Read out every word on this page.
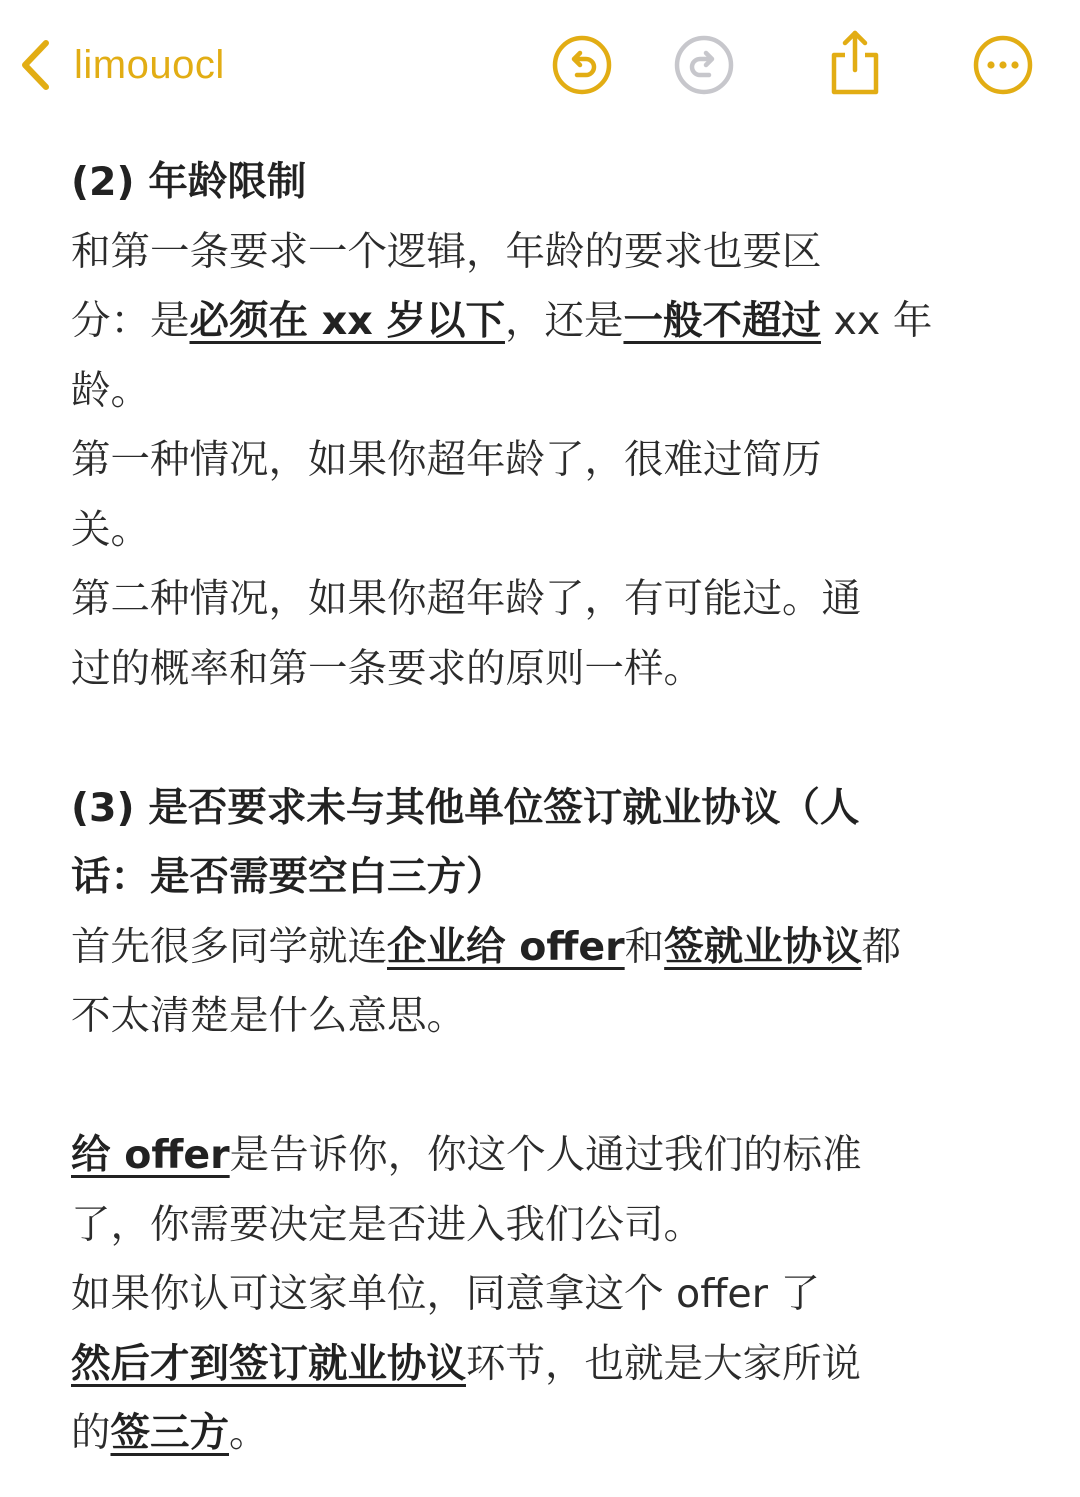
limouocl
(2) 年龄限制
和第一条要求一个逻辑，年龄的要求也要区
分：是必须在 xx 岁以下，还是一般不超过 xx 年
龄。
第一种情况，如果你超年龄了，很难过简历
关。
第二种情况，如果你超年龄了，有可能过。通
过的概率和第一条要求的原则一样。
(3) 是否要求未与其他单位签订就业协议（人
话：是否需要空白三方）
首先很多同学就连企业给 offer和签就业协议都
不太清楚是什么意思。
给 offer是告诉你，你这个人通过我们的标准
了，你需要决定是否进入我们公司。
如果你认可这家单位，同意拿这个 offer 了
然后才到签订就业协议环节，也就是大家所说
的签三方。
